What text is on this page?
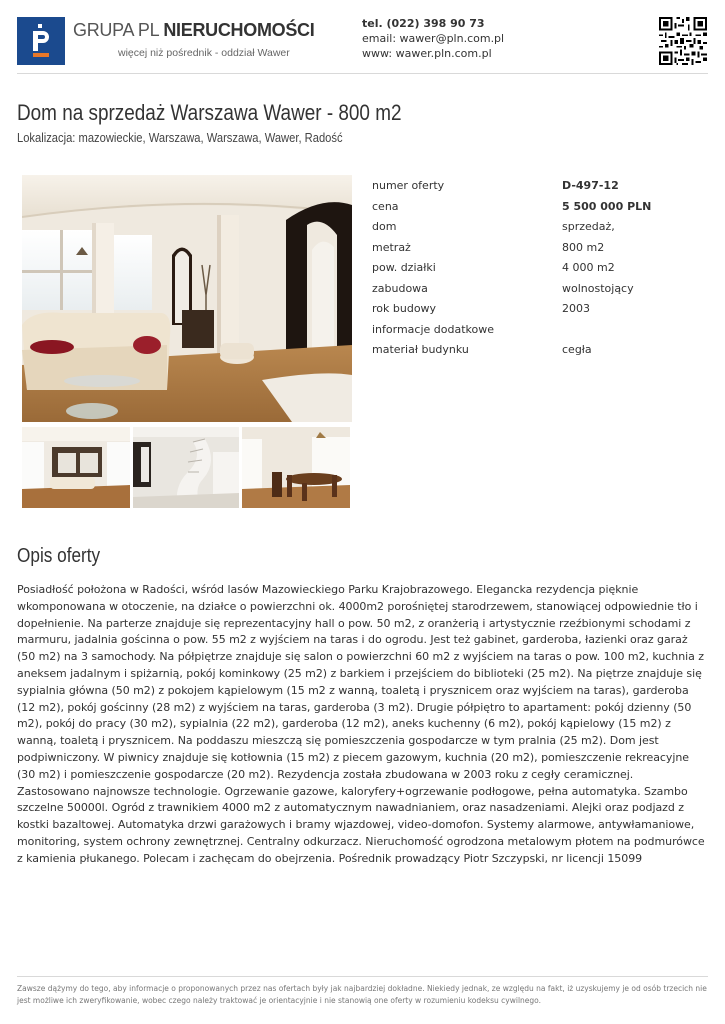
GRUPA PL NIERUCHOMOŚCI
więcej niż pośrednik - oddział Wawer
tel. (022) 398 90 73
email: wawer@pln.com.pl
www: wawer.pln.com.pl
Dom na sprzedaż Warszawa Wawer - 800 m2
Lokalizacja: mazowieckie, Warszawa, Warszawa, Wawer, Radość
numer oferty	D-497-12
cena	5 500 000 PLN
dom	sprzedaż,
metraż	800 m2
pow. działki	4 000 m2
zabudowa	wolnostojący
rok budowy	2003
informacje dodatkowe
materiał budynku	cegła
Opis oferty
Posiadłość położona w Radości, wśród lasów Mazowieckiego Parku Krajobrazowego. Elegancka rezydencja pięknie wkomponowana w otoczenie, na działce o powierzchni ok. 4000m2 porośniętej starodrzewem, stanowiącej odpowiednie tło i dopełnienie. Na parterze znajduje się reprezentacyjny hall o pow. 50 m2, z oranżerią i artystycznie rzeźbionymi schodami z marmuru, jadalnia gościnna o pow. 55 m2 z wyjściem na taras i do ogrodu. Jest też gabinet, garderoba, łazienki oraz garaż (50 m2) na 3 samochody. Na półpiętrze znajduje się salon o powierzchni 60 m2 z wyjściem na taras o pow. 100 m2, kuchnia z aneksem jadalnym i spiżarnią, pokój kominkowy (25 m2) z barkiem i przejściem do biblioteki (25 m2). Na piętrze znajduje się sypialnia główna (50 m2) z pokojem kąpielowym (15 m2 z wanną, toaletą i prysznicem oraz wyjściem na taras), garderoba (12 m2), pokój gościnny (28 m2) z wyjściem na taras, garderoba (3 m2). Drugie półpiętro to apartament: pokój dzienny (50 m2), pokój do pracy (30 m2), sypialnia (22 m2), garderoba (12 m2), aneks kuchenny (6 m2), pokój kąpielowy (15 m2) z wanną, toaletą i prysznicem. Na poddaszu mieszczą się pomieszczenia gospodarcze w tym pralnia (25 m2). Dom jest podpiwniczony. W piwnicy znajduje się kotłownia (15 m2) z piecem gazowym, kuchnia (20 m2), pomieszczenie rekreacyjne (30 m2) i pomieszczenie gospodarcze (20 m2). Rezydencja została zbudowana w 2003 roku z cegły ceramicznej. Zastosowano najnowsze technologie. Ogrzewanie gazowe, kaloryfery+ogrzewanie podłogowe, pełna automatyka. Szambo szczelne 50000l. Ogród z trawnikiem 4000 m2 z automatycznym nawadnianiem, oraz nasadzeniami. Alejki oraz podjazd z kostki bazaltowej. Automatyka drzwi garażowych i bramy wjazdowej, video-domofon. Systemy alarmowe, antywłamaniowe, monitoring, system ochrony zewnętrznej. Centralny odkurzacz. Nieruchomość ogrodzona metalowym płotem na podmurówce z kamienia płukanego. Polecam i zachęcam do obejrzenia. Pośrednik prowadzący Piotr Szczypski, nr licencji 15099
Zawsze dążymy do tego, aby informacje o proponowanych przez nas ofertach były jak najbardziej dokładne. Niekiedy jednak, ze względu na fakt, iż uzyskujemy je od osób trzecich nie jest możliwe ich zweryfikowanie, wobec czego należy traktować je orientacyjnie i nie stanowią one oferty w rozumieniu kodeksu cywilnego.
